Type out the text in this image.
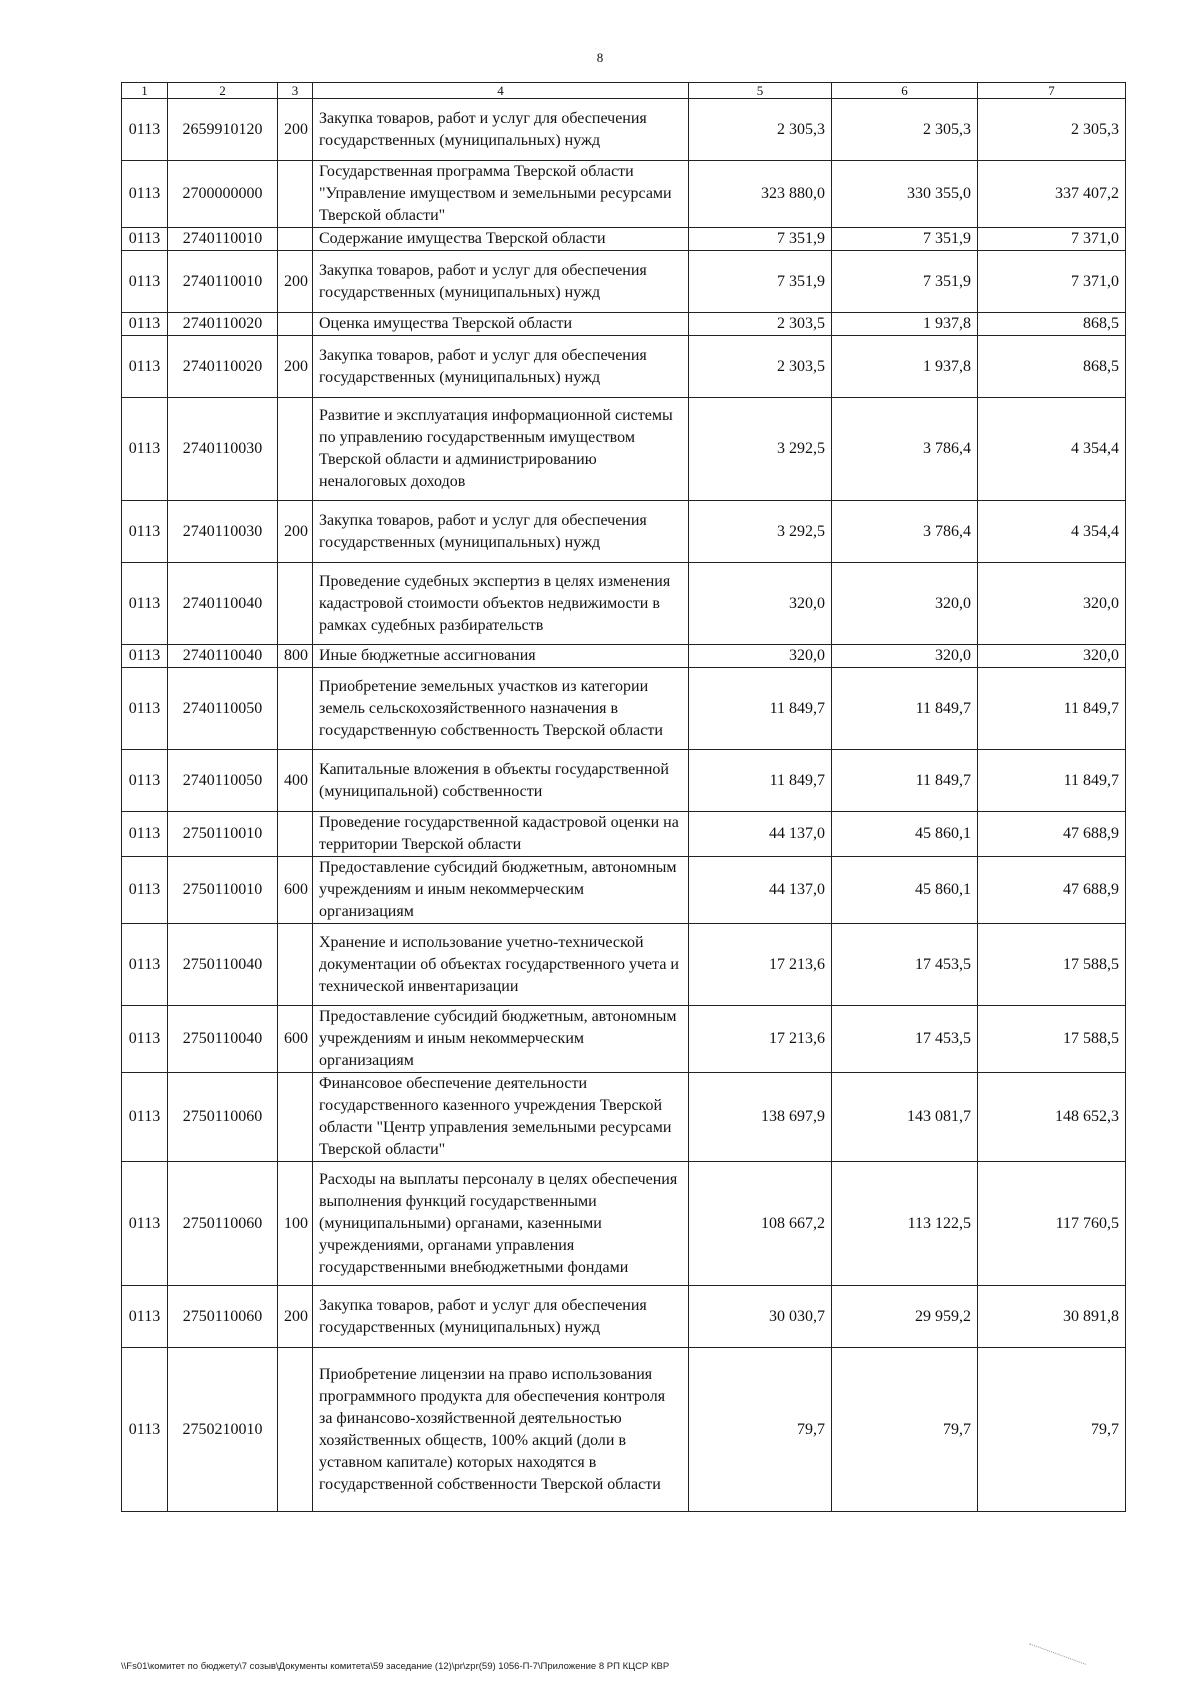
8
1	2	3	4	5	6	7
0113	2659910120	200	Закупка товаров, работ и услуг для обеспечения государственных (муниципальных) нужд	2 305,3	2 305,3	2 305,3
0113	2700000000		Государственная программа Тверской области "Управление имуществом и земельными ресурсами Тверской области"	323 880,0	330 355,0	337 407,2
0113	2740110010		Содержание имущества Тверской области	7 351,9	7 351,9	7 371,0
0113	2740110010	200	Закупка товаров, работ и услуг для обеспечения государственных (муниципальных) нужд	7 351,9	7 351,9	7 371,0
0113	2740110020		Оценка имущества Тверской области	2 303,5	1 937,8	868,5
0113	2740110020	200	Закупка товаров, работ и услуг для обеспечения государственных (муниципальных) нужд	2 303,5	1 937,8	868,5
0113	2740110030		Развитие и эксплуатация информационной системы по управлению государственным имуществом Тверской области и администрированию неналоговых доходов	3 292,5	3 786,4	4 354,4
0113	2740110030	200	Закупка товаров, работ и услуг для обеспечения государственных (муниципальных) нужд	3 292,5	3 786,4	4 354,4
0113	2740110040		Проведение судебных экспертиз в целях изменения кадастровой стоимости объектов недвижимости в рамках судебных разбирательств	320,0	320,0	320,0
0113	2740110040	800	Иные бюджетные ассигнования	320,0	320,0	320,0
0113	2740110050		Приобретение земельных участков из категории земель сельскохозяйственного назначения в государственную собственность Тверской области	11 849,7	11 849,7	11 849,7
0113	2740110050	400	Капитальные вложения в объекты государственной (муниципальной) собственности	11 849,7	11 849,7	11 849,7
0113	2750110010		Проведение государственной кадастровой оценки на территории Тверской области	44 137,0	45 860,1	47 688,9
0113	2750110010	600	Предоставление субсидий бюджетным, автономным учреждениям и иным некоммерческим организациям	44 137,0	45 860,1	47 688,9
0113	2750110040		Хранение и использование учетно-технической документации об объектах государственного учета и технической инвентаризации	17 213,6	17 453,5	17 588,5
0113	2750110040	600	Предоставление субсидий бюджетным, автономным учреждениям и иным некоммерческим организациям	17 213,6	17 453,5	17 588,5
0113	2750110060		Финансовое обеспечение деятельности государственного казенного учреждения Тверской области "Центр управления земельными ресурсами Тверской области"	138 697,9	143 081,7	148 652,3
0113	2750110060	100	Расходы на выплаты персоналу в целях обеспечения выполнения функций государственными (муниципальными) органами, казенными учреждениями, органами управления государственными внебюджетными фондами	108 667,2	113 122,5	117 760,5
0113	2750110060	200	Закупка товаров, работ и услуг для обеспечения государственных (муниципальных) нужд	30 030,7	29 959,2	30 891,8
0113	2750210010		Приобретение лицензии на право использования программного продукта для обеспечения контроля за финансово-хозяйственной деятельностью хозяйственных обществ, 100% акций (доли в уставном капитале) которых находятся в государственной собственности Тверской области	79,7	79,7	79,7
\\Fs01\комитет по бюджету\7 созыв\Документы комитета\59 заседание (12)\pr\zpr(59) 1056-П-7\Приложение 8 РП КЦСР КВР
